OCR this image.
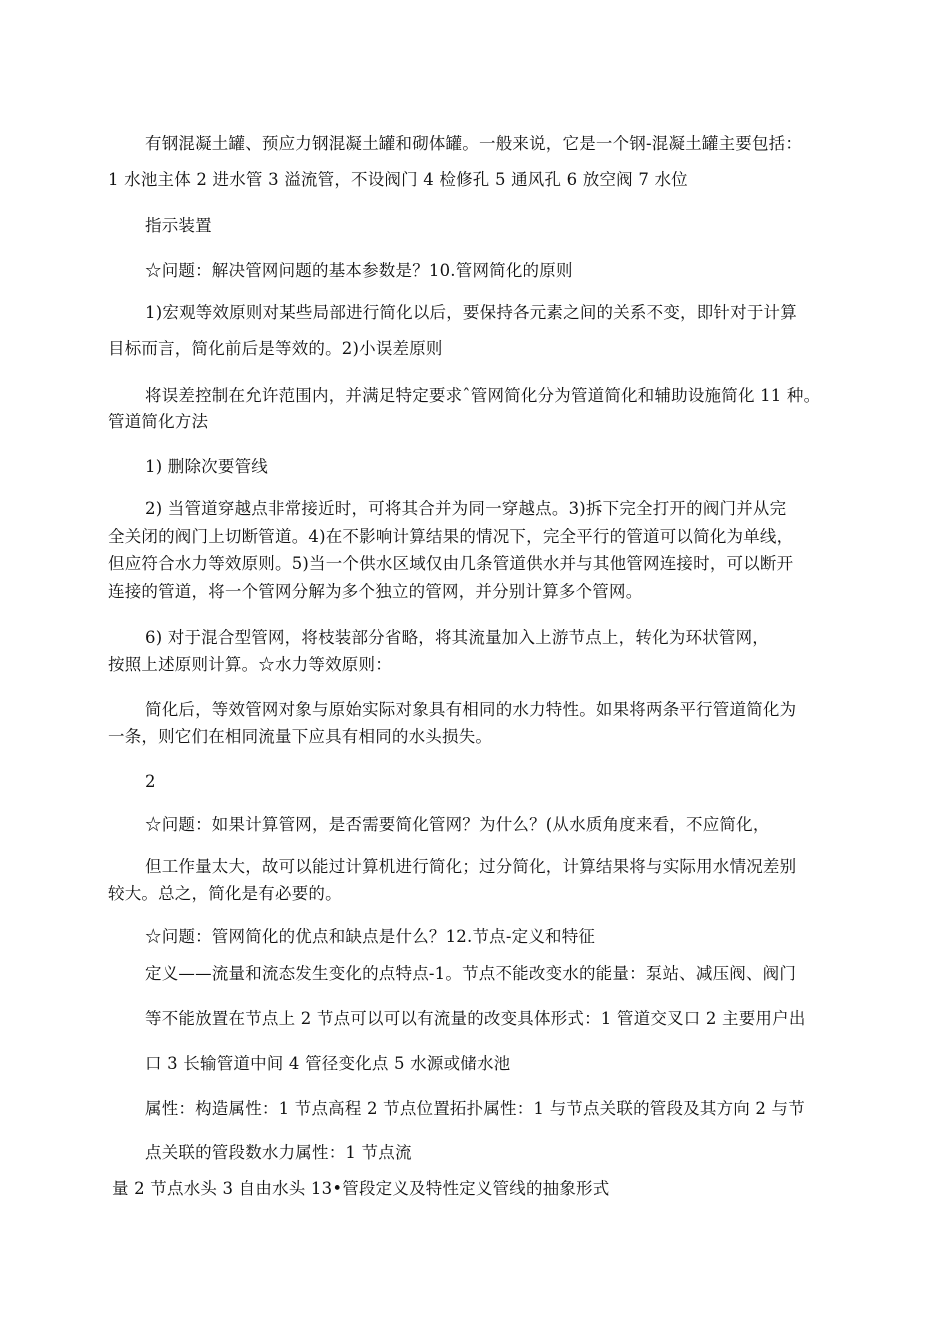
有钢混凝土罐、预应力钢混凝土罐和砌体罐。一般来说，它是一个钢-混凝土罐主要包括：
1 水池主体 2 进水管 3 溢流管，不设阀门 4 检修孔 5 通风孔 6 放空阀 7 水位
指示装置
☆问题：解决管网问题的基本参数是？10.管网简化的原则
1)宏观等效原则对某些局部进行简化以后，要保持各元素之间的关系不变，即针对于计算
目标而言，简化前后是等效的。2)小误差原则
将误差控制在允许范围内，并满足特定要求ˆ管网简化分为管道简化和辅助设施简化 11 种。
管道简化方法
1) 删除次要管线
2) 当管道穿越点非常接近时，可将其合并为同一穿越点。3)拆下完全打开的阀门并从完
全关闭的阀门上切断管道。4)在不影响计算结果的情况下，完全平行的管道可以简化为单线，
但应符合水力等效原则。5)当一个供水区域仅由几条管道供水并与其他管网连接时，可以断开
连接的管道，将一个管网分解为多个独立的管网，并分别计算多个管网。
6) 对于混合型管网，将枝装部分省略，将其流量加入上游节点上，转化为环状管网，
按照上述原则计算。☆水力等效原则：
简化后，等效管网对象与原始实际对象具有相同的水力特性。如果将两条平行管道简化为
一条，则它们在相同流量下应具有相同的水头损失。
2
☆问题：如果计算管网，是否需要简化管网？为什么？(从水质角度来看，不应简化，
但工作量太大，故可以能过计算机进行简化；过分简化，计算结果将与实际用水情况差别
较大。总之，简化是有必要的。
☆问题：管网简化的优点和缺点是什么？12.节点-定义和特征
定义——流量和流态发生变化的点特点-1。节点不能改变水的能量：泵站、减压阀、阀门
等不能放置在节点上 2 节点可以可以有流量的改变具体形式：1 管道交叉口 2 主要用户出
口 3 长输管道中间 4 管径变化点 5 水源或储水池
属性：构造属性：1 节点高程 2 节点位置拓扑属性：1 与节点关联的管段及其方向 2 与节
点关联的管段数水力属性：1 节点流
量 2 节点水头 3 自由水头 13•管段定义及特性定义管线的抽象形式
